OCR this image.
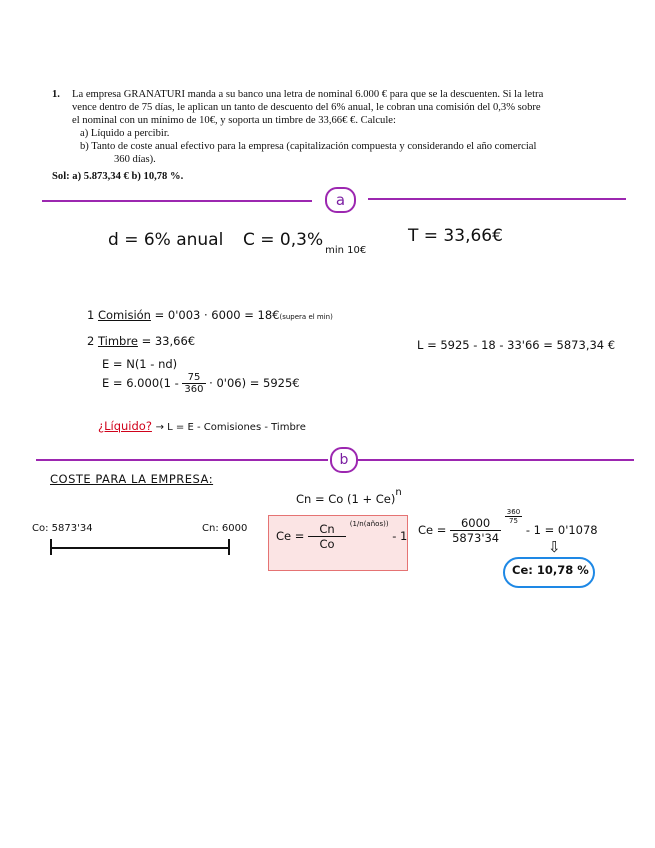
1. La empresa GRANATURI manda a su banco una letra de nominal 6.000 € para que se la descuenten. Si la letra

vence dentro de 75 días, le aplican un tanto de descuento del 6% anual, le cobran una comisión del 0,3% sobre

el nominal con un mínimo de 10€, y soporta un timbre de 33,66€ €. Calcule:

a) Líquido a percibir.

b) Tanto de coste anual efectivo para la empresa (capitalización compuesta y considerando el año comercial

360 días).

Sol: a) 5.873,34 € b) 10,78 %.
a
d = 6% anual $C = 0,3\%_{min 10€}$
T = 33,66€
1 Comisión = 0'003 · 6000 = 18€(supera el min)
2 Timbre = 33,66€
E = N(1 - nd)
$E = 6.000(1 - \frac{75}{360} \cdot 0'06)$ = 5925€
¿Líquido? → L = E - Comisiones - Timbre
L = 5925 - 18 - 33'66 = 5873,34 €
b
COSTE PARA LA EMPRESA:
Cn = Co (1 + Ce)n
Co: 5873'34	Cn: 6000
$Ce = \frac{Cn}{Co} ^{(1/n(años))} - 1$ $Ce = \frac{6000}{5873'34}$
$\frac{360}{75}$
- 1 = 0'1078
⇩
Ce: 10,78 %
